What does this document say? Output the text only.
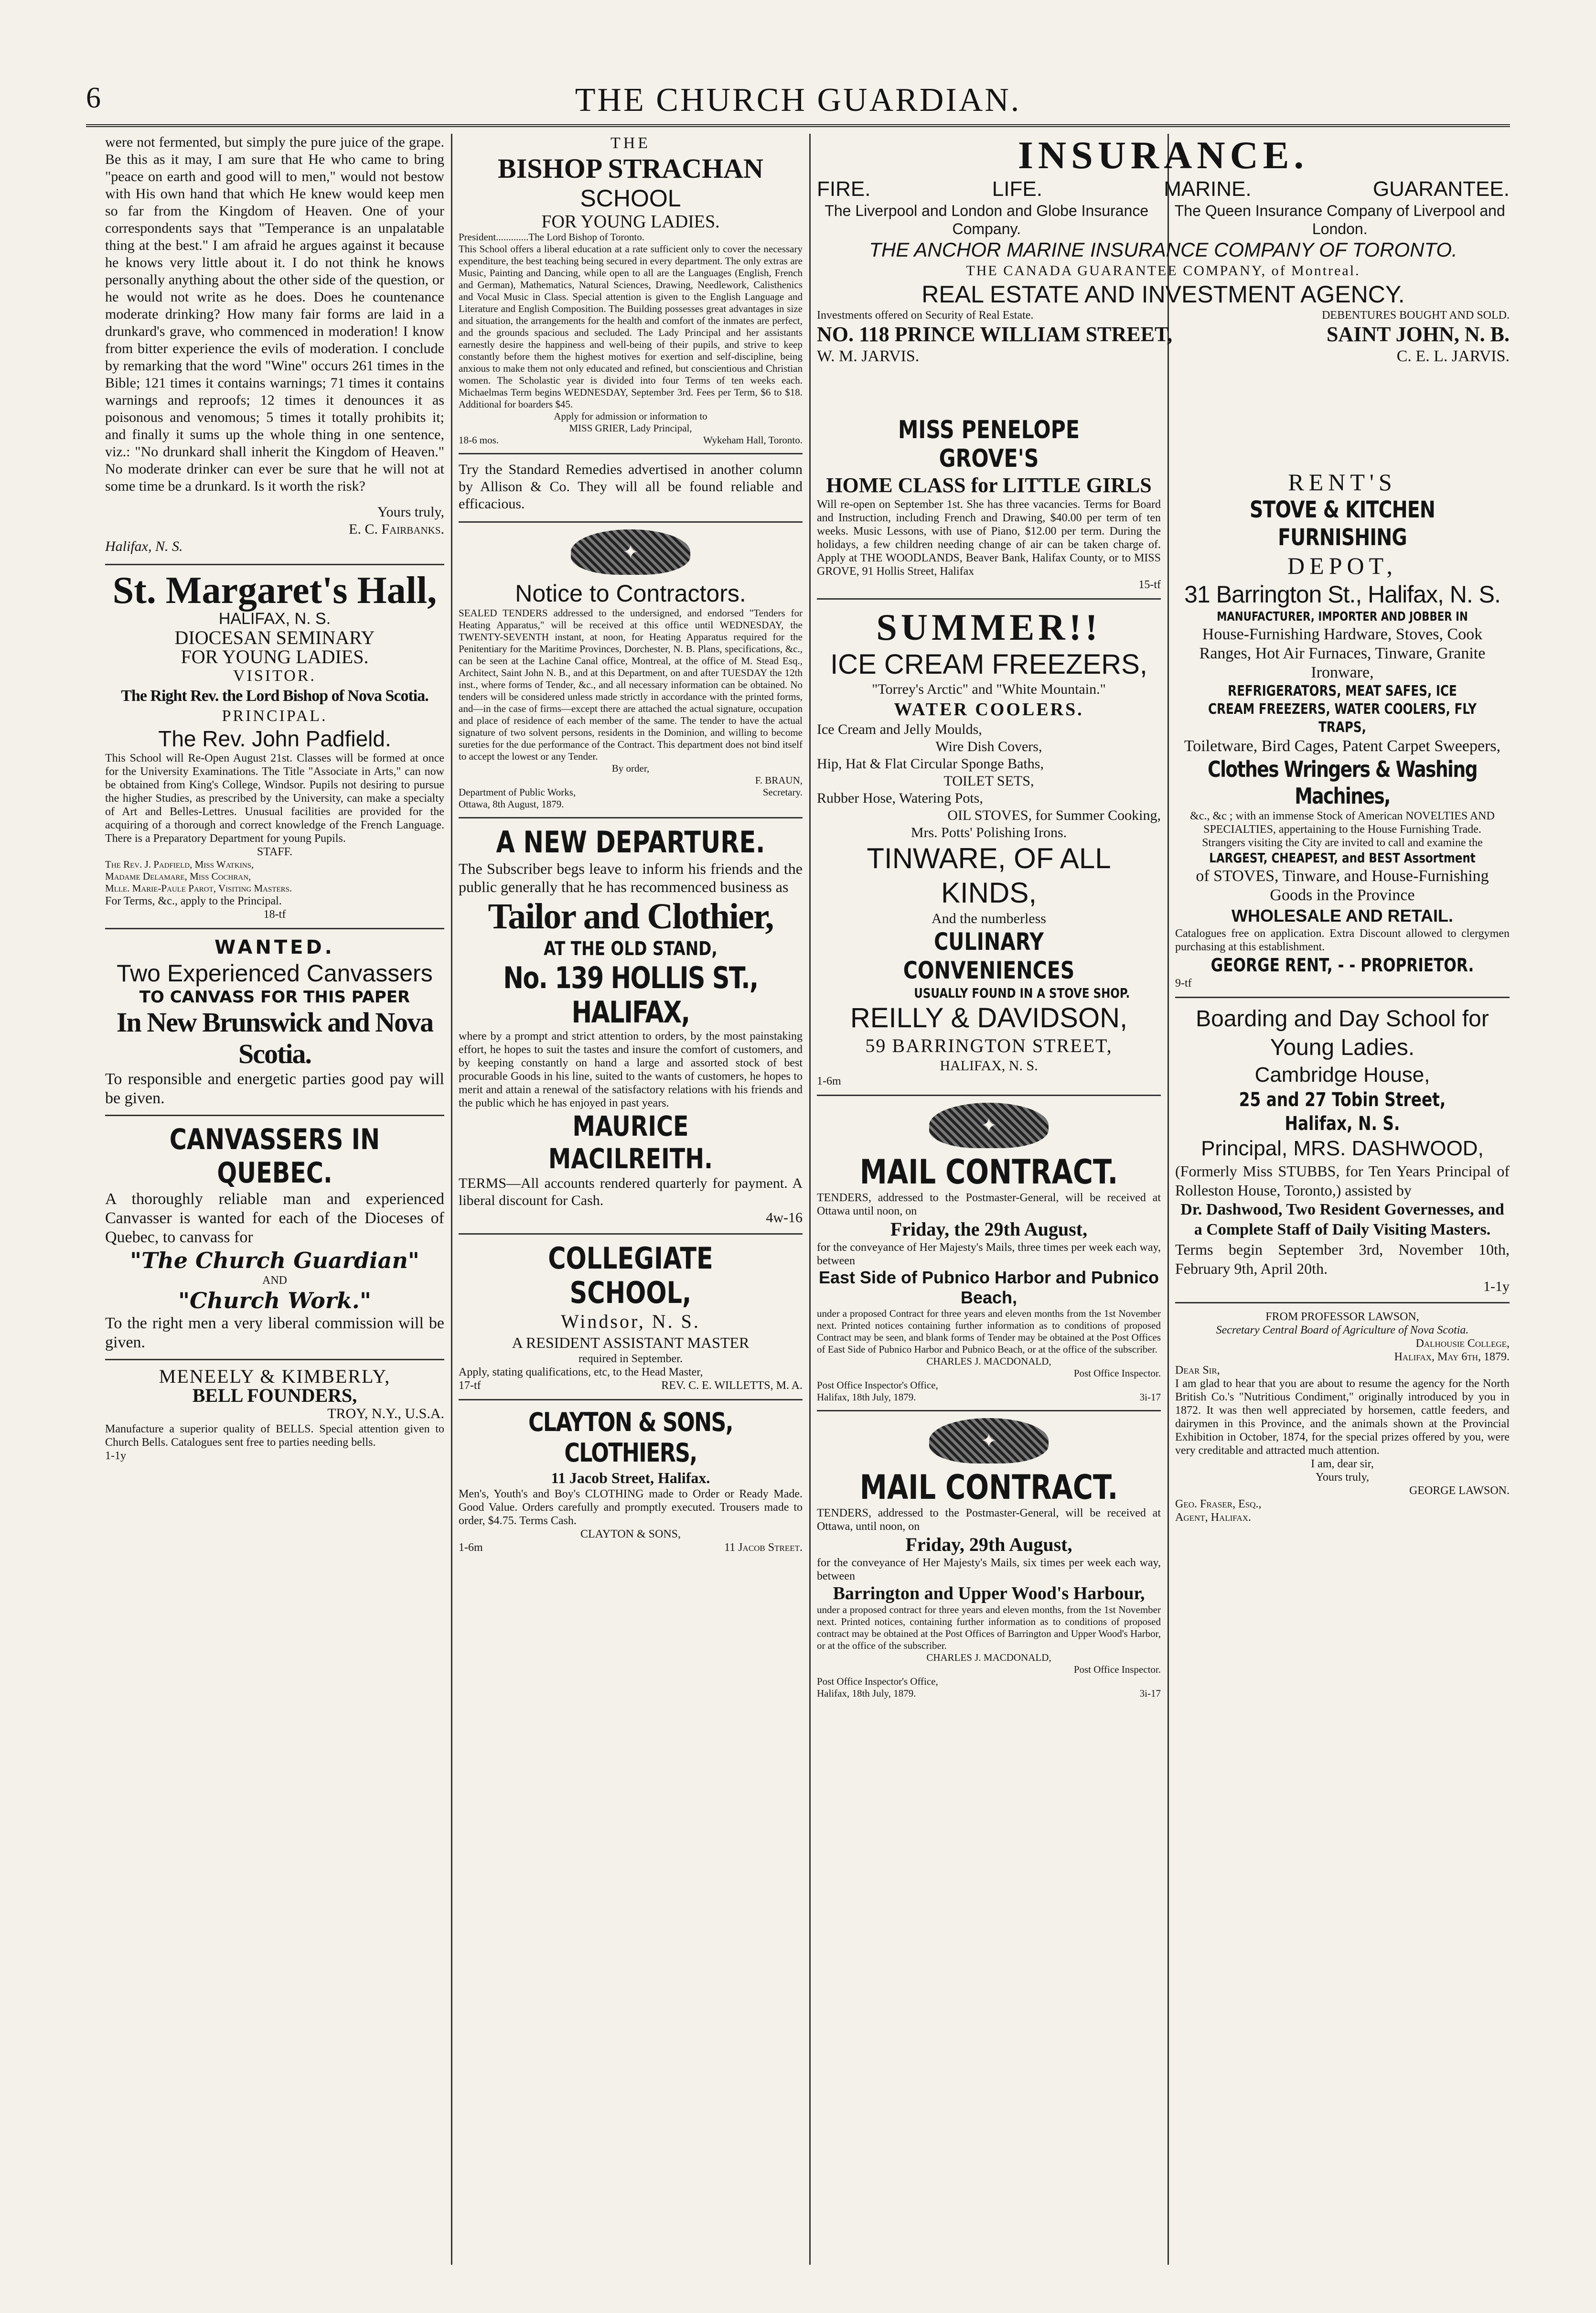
6	THE CHURCH GUARDIAN.
were not fermented, but simply the pure juice of the grape. Be this as it may, I am sure that He who came to bring "peace on earth and good will to men," would not bestow with His own hand that which He knew would keep men so far from the Kingdom of Heaven. One of your correspondents says that "Temperance is an unpalatable thing at the best." I am afraid he argues against it because he knows very little about it. I do not think he knows personally anything about the other side of the question, or he would not write as he does. Does he countenance moderate drinking? How many fair forms are laid in a drunkard's grave, who commenced in moderation! I know from bitter experience the evils of moderation. I conclude by remarking that the word "Wine" occurs 261 times in the Bible; 121 times it contains warnings; 71 times it contains warnings and reproofs; 12 times it denounces it as poisonous and venomous; 5 times it totally prohibits it; and finally it sums up the whole thing in one sentence, viz.: "No drunkard shall inherit the Kingdom of Heaven." No moderate drinker can ever be sure that he will not at some time be a drunkard. Is it worth the risk?
Yours truly,
E. C. Fairbanks.
Halifax, N. S.
St. Margaret's Hall,
HALIFAX, N. S.
DIOCESAN SEMINARY
FOR YOUNG LADIES.
VISITOR.
The Right Rev. the Lord Bishop of Nova Scotia.
PRINCIPAL.
The Rev. John Padfield.
This School will Re-Open August 21st. Classes will be formed at once for the University Examinations. The Title "Associate in Arts," can now be obtained from King's College, Windsor. Pupils not desiring to pursue the higher Studies, as prescribed by the University, can make a specialty of Art and Belles-Lettres. Unusual facilities are provided for the acquiring of a thorough and correct knowledge of the French Language. There is a Preparatory Department for young Pupils.
STAFF.
The Rev. J. Padfield, Miss Watkins,
Madame Delamare, Miss Cochran,
Mlle. Marie-Paule Parot, Visiting Masters.
For Terms, &c., apply to the Principal.
18-tf
WANTED.
Two Experienced Canvassers
TO CANVASS FOR THIS PAPER
In New Brunswick and Nova Scotia.
To responsible and energetic parties good pay will be given.
CANVASSERS IN QUEBEC.
A thoroughly reliable man and experienced Canvasser is wanted for each of the Dioceses of Quebec, to canvass for
"The Church Guardian"
AND
"Church Work."
To the right men a very liberal commission will be given.
MENEELY & KIMBERLY,
BELL FOUNDERS,
TROY, N.Y., U.S.A.
Manufacture a superior quality of BELLS. Special attention given to Church Bells. Catalogues sent free to parties needing bells.
1-1y
THE
BISHOP STRACHAN
SCHOOL
FOR YOUNG LADIES.
President.............The Lord Bishop of Toronto.
This School offers a liberal education at a rate sufficient only to cover the necessary expenditure, the best teaching being secured in every department. The only extras are Music, Painting and Dancing, while open to all are the Languages (English, French and German), Mathematics, Natural Sciences, Drawing, Needlework, Calisthenics and Vocal Music in Class. Special attention is given to the English Language and Literature and English Composition. The Building possesses great advantages in size and situation, the arrangements for the health and comfort of the inmates are perfect, and the grounds spacious and secluded. The Lady Principal and her assistants earnestly desire the happiness and well-being of their pupils, and strive to keep constantly before them the highest motives for exertion and self-discipline, being anxious to make them not only educated and refined, but conscientious and Christian women. The Scholastic year is divided into four Terms of ten weeks each. Michaelmas Term begins WEDNESDAY, September 3rd. Fees per Term, $6 to $18. Additional for boarders $45.
Apply for admission or information to
MISS GRIER, Lady Principal,
18-6 mos.	Wykeham Hall, Toronto.
Try the Standard Remedies advertised in another column by Allison & Co. They will all be found reliable and efficacious.
✦
Notice to Contractors.
SEALED TENDERS addressed to the undersigned, and endorsed "Tenders for Heating Apparatus," will be received at this office until WEDNESDAY, the TWENTY-SEVENTH instant, at noon, for Heating Apparatus required for the Penitentiary for the Maritime Provinces, Dorchester, N. B. Plans, specifications, &c., can be seen at the Lachine Canal office, Montreal, at the office of M. Stead Esq., Architect, Saint John N. B., and at this Department, on and after TUESDAY the 12th inst., where forms of Tender, &c., and all necessary information can be obtained. No tenders will be considered unless made strictly in accordance with the printed forms, and—in the case of firms—except there are attached the actual signature, occupation and place of residence of each member of the same. The tender to have the actual signature of two solvent persons, residents in the Dominion, and willing to become sureties for the due performance of the Contract. This department does not bind itself to accept the lowest or any Tender.
By order,
F. BRAUN,
Department of Public Works,	Secretary.
Ottawa, 8th August, 1879.
A NEW DEPARTURE.
The Subscriber begs leave to inform his friends and the public generally that he has recommenced business as
Tailor and Clothier,
AT THE OLD STAND,
No. 139 HOLLIS ST., HALIFAX,
where by a prompt and strict attention to orders, by the most painstaking effort, he hopes to suit the tastes and insure the comfort of customers, and by keeping constantly on hand a large and assorted stock of best procurable Goods in his line, suited to the wants of customers, he hopes to merit and attain a renewal of the satisfactory relations with his friends and the public which he has enjoyed in past years.
MAURICE MACILREITH.
TERMS—All accounts rendered quarterly for payment. A liberal discount for Cash.
4w-16
COLLEGIATE SCHOOL,
Windsor, N. S.
A RESIDENT ASSISTANT MASTER
required in September.
Apply, stating qualifications, etc, to the Head Master,
17-tf	REV. C. E. WILLETTS, M. A.
CLAYTON & SONS, CLOTHIERS,
11 Jacob Street, Halifax.
Men's, Youth's and Boy's CLOTHING made to Order or Ready Made. Good Value. Orders carefully and promptly executed. Trousers made to order, $4.75. Terms Cash.
CLAYTON & SONS,
1-6m	11 Jacob Street.
INSURANCE.
FIRE.	LIFE.	MARINE.	GUARANTEE.
The Liverpool and London and Globe Insurance Company.
The Queen Insurance Company of Liverpool and London.
THE ANCHOR MARINE INSURANCE COMPANY OF TORONTO.
THE CANADA GUARANTEE COMPANY, of Montreal.
REAL ESTATE AND INVESTMENT AGENCY.
Investments offered on Security of Real Estate.	DEBENTURES BOUGHT AND SOLD.
NO. 118 PRINCE WILLIAM STREET,	SAINT JOHN, N. B.
W. M. JARVIS.	C. E. L. JARVIS.
MISS PENELOPE GROVE'S
HOME CLASS for LITTLE GIRLS
Will re-open on September 1st. She has three vacancies. Terms for Board and Instruction, including French and Drawing, $40.00 per term of ten weeks. Music Lessons, with use of Piano, $12.00 per term. During the holidays, a few children needing change of air can be taken charge of. Apply at THE WOODLANDS, Beaver Bank, Halifax County, or to MISS GROVE, 91 Hollis Street, Halifax
15-tf
SUMMER!!
ICE CREAM FREEZERS,
"Torrey's Arctic" and "White Mountain."
WATER COOLERS.
Ice Cream and Jelly Moulds,
Wire Dish Covers,
Hip, Hat & Flat Circular Sponge Baths,
TOILET SETS,
Rubber Hose, Watering Pots,
OIL STOVES, for Summer Cooking,
Mrs. Potts' Polishing Irons.
TINWARE, OF ALL KINDS,
And the numberless
CULINARY CONVENIENCES
USUALLY FOUND IN A STOVE SHOP.
REILLY & DAVIDSON,
59 BARRINGTON STREET,
HALIFAX, N. S.
1-6m
✦
MAIL CONTRACT.
TENDERS, addressed to the Postmaster-General, will be received at Ottawa until noon, on
Friday, the 29th August,
for the conveyance of Her Majesty's Mails, three times per week each way, between
East Side of Pubnico Harbor and Pubnico Beach,
under a proposed Contract for three years and eleven months from the 1st November next. Printed notices containing further information as to conditions of proposed Contract may be seen, and blank forms of Tender may be obtained at the Post Offices of East Side of Pubnico Harbor and Pubnico Beach, or at the office of the subscriber.
CHARLES J. MACDONALD,
Post Office Inspector.
Post Office Inspector's Office,
Halifax, 18th July, 1879.	3i-17
✦
MAIL CONTRACT.
TENDERS, addressed to the Postmaster-General, will be received at Ottawa, until noon, on
Friday, 29th August,
for the conveyance of Her Majesty's Mails, six times per week each way, between
Barrington and Upper Wood's Harbour,
under a proposed contract for three years and eleven months, from the 1st November next. Printed notices, containing further information as to conditions of proposed contract may be obtained at the Post Offices of Barrington and Upper Wood's Harbor, or at the office of the subscriber.
CHARLES J. MACDONALD,
Post Office Inspector.
Post Office Inspector's Office,
Halifax, 18th July, 1879.	3i-17
RENT'S
STOVE & KITCHEN FURNISHING
DEPOT,
31 Barrington St., Halifax, N. S.
MANUFACTURER, IMPORTER AND JOBBER IN
House-Furnishing Hardware, Stoves, Cook Ranges, Hot Air Furnaces, Tinware, Granite Ironware,
REFRIGERATORS, MEAT SAFES, ICE CREAM FREEZERS, WATER COOLERS, FLY TRAPS,
Toiletware, Bird Cages, Patent Carpet Sweepers,
Clothes Wringers & Washing Machines,
&c., &c ; with an immense Stock of American NOVELTIES AND SPECIALTIES, appertaining to the House Furnishing Trade.
Strangers visiting the City are invited to call and examine the
LARGEST, CHEAPEST, and BEST Assortment
of STOVES, Tinware, and House-Furnishing Goods in the Province
WHOLESALE AND RETAIL.
Catalogues free on application. Extra Discount allowed to clergymen purchasing at this establishment.
GEORGE RENT, - - PROPRIETOR.
9-tf
Boarding and Day School for Young Ladies.
Cambridge House,
25 and 27 Tobin Street, Halifax, N. S.
Principal, MRS. DASHWOOD,
(Formerly Miss STUBBS, for Ten Years Principal of Rolleston House, Toronto,) assisted by
Dr. Dashwood, Two Resident Governesses, and a Complete Staff of Daily Visiting Masters.
Terms begin September 3rd, November 10th, February 9th, April 20th.
1-1y
FROM PROFESSOR LAWSON,
Secretary Central Board of Agriculture of Nova Scotia.
Dalhousie College,
Halifax, May 6th, 1879.
Dear Sir,
I am glad to hear that you are about to resume the agency for the North British Co.'s "Nutritious Condiment," originally introduced by you in 1872. It was then well appreciated by horsemen, cattle feeders, and dairymen in this Province, and the animals shown at the Provincial Exhibition in October, 1874, for the special prizes offered by you, were very creditable and attracted much attention.
I am, dear sir,
Yours truly,
GEORGE LAWSON.
Geo. Fraser, Esq.,
Agent, Halifax.
